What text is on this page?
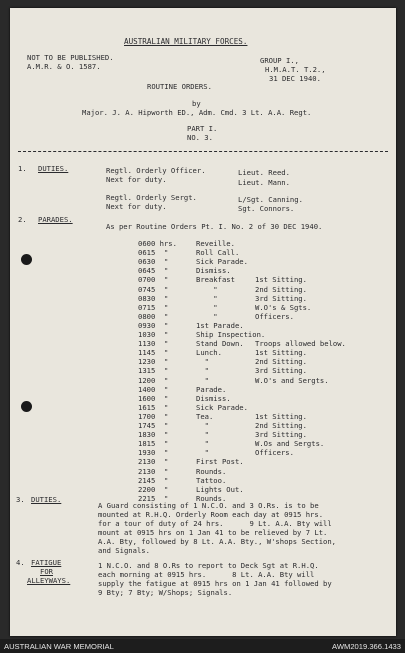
AUSTRALIAN MILITARY FORCES.
NOT TO BE PUBLISHED.
A.M.R. & O. 1587.
GROUP I.,
H.M.A.T. T.2.,
31 DEC 1940.
ROUTINE ORDERS.
by
Major. J. A. Hipworth ED., Adm. Cmd. 3 Lt. A.A. Regt.
PART I.
NO. 3.
1. DUTIES.	Regtl. Orderly Officer.	Lieut. Reed.
Next for duty.	Lieut. Mann.
Regtl. Orderly Sergt.	L/Sgt. Canning.
Next for duty.	Sgt. Connors.
2. PARADES.
As per Routine Orders Pt. I. No. 2 of 30 DEC 1940.
3. DUTIES.
A Guard consisting of 1 N.C.O. and 3 O.Rs. is to be
mounted at R.H.Q. Orderly Room each day at 0915 hrs.
for a tour of duty of 24 hrs.      9 Lt. A.A. Bty will
mount at 0915 hrs on 1 Jan 41 to be relieved by 7 Lt.
A.A. Bty, followed by 8 Lt. A.A. Bty., W'shops Section,
and Signals.
4. FATIGUE
FOR
ALLEYWAYS.
1 N.C.O. and 8 O.Rs to report to Deck Sgt at R.H.Q.
each morning at 0915 hrs.      8 Lt. A.A. Bty will
supply the fatigue at 0915 hrs on 1 Jan 41 followed by
9 Bty; 7 Bty; W/Shops; Signals.
0600 hrs.	Reveille.
0615  "	Roll Call.
0630  "	Sick Parade.
0645  "	Dismiss.
0700  "	Breakfast	1st Sitting.
0745  "	"	2nd Sitting.
0830  "	"	3rd Sitting.
0715  "	"	W.O's & Sgts.
0800  "	"	Officers.
0930  "	1st Parade.
1030  "	Ship Inspection.
1130  "	Stand Down. Troops allowed below.
1145  "	Lunch.	1st Sitting.
1230  "	"	2nd Sitting.
1315  "	"	3rd Sitting.
1200  "	"	W.O's and Sergts.
1400  "	Parade.
1600  "	Dismiss.
1615  "	Sick Parade.
1700  "	Tea.	1st Sitting.
1745  "	"	2nd Sitting.
1830  "	"	3rd Sitting.
1815  "	"	W.Os and Sergts.
1930  "	"	Officers.
2130  "	First Post.
2130  "	Rounds.
2145  "	Tattoo.
2200  "	Lights Out.
2215  "	Rounds.
AUSTRALIAN WAR MEMORIAL	AWM2019.366.1433
